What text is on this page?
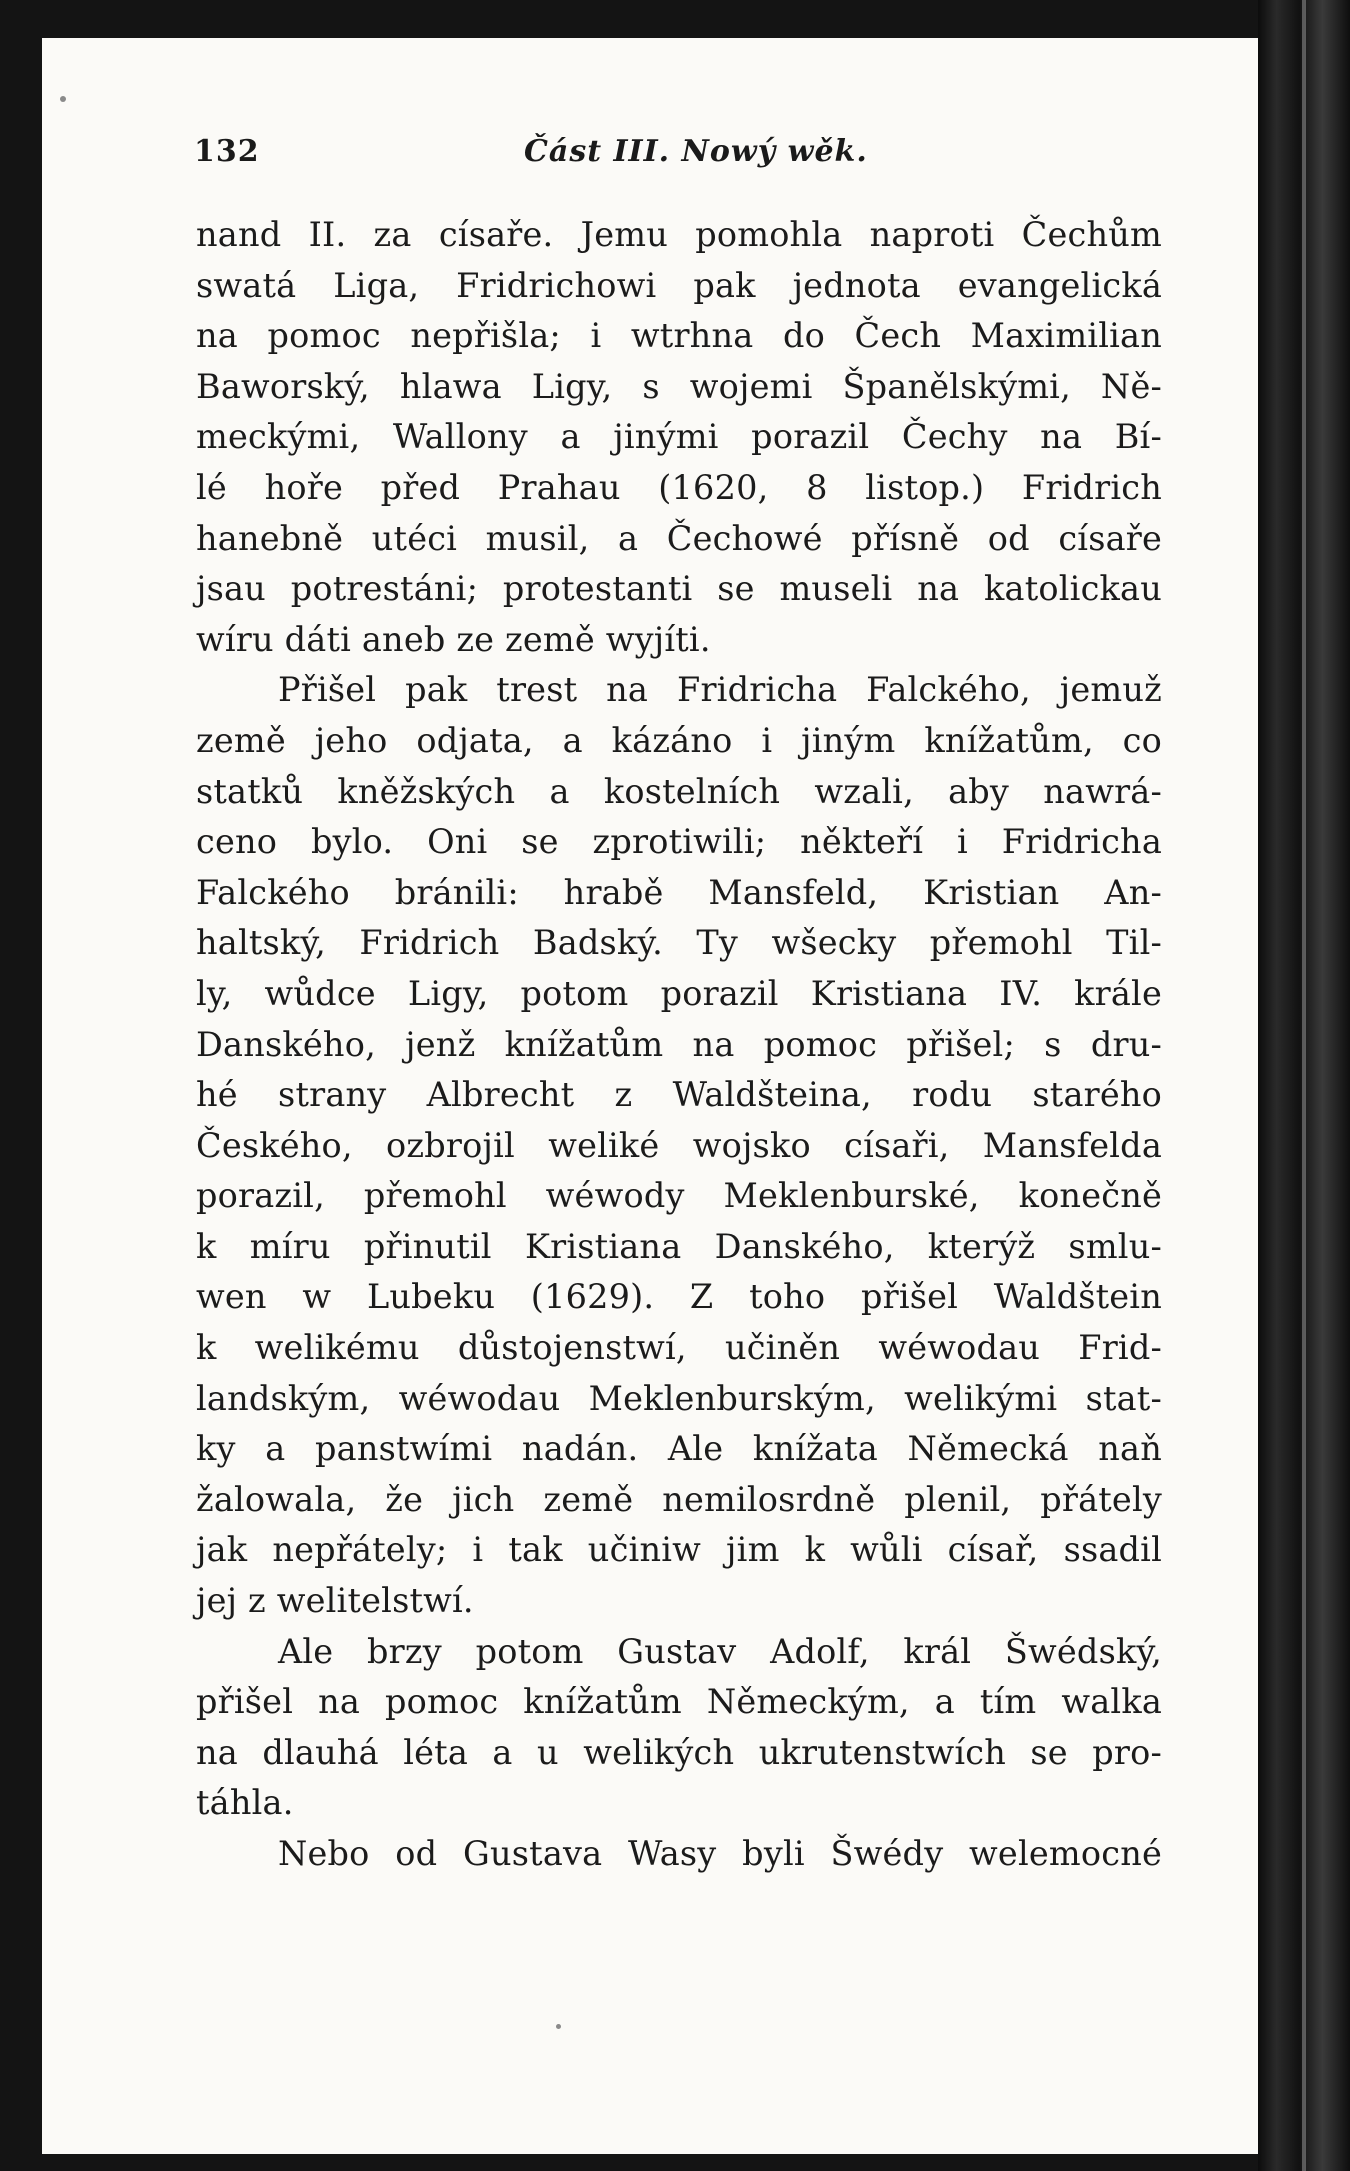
132	Část III. Nowý wěk.
nand II. za císaře. Jemu pomohla naproti Čechům
swatá Liga, Fridrichowi pak jednota evangelická
na pomoc nepřišla; i wtrhna do Čech Maximilian
Baworský, hlawa Ligy, s wojemi Španělskými, Ně-
meckými, Wallony a jinými porazil Čechy na Bí-
lé hoře před Prahau (1620, 8 listop.) Fridrich
hanebně utéci musil, a Čechowé přísně od císaře
jsau potrestáni; protestanti se museli na katolickau
wíru dáti aneb ze země wyjíti.
Přišel pak trest na Fridricha Falckého, jemuž
země jeho odjata, a kázáno i jiným knížatům, co
statků kněžských a kostelních wzali, aby nawrá-
ceno bylo. Oni se zprotiwili; někteří i Fridricha
Falckého bránili: hrabě Mansfeld, Kristian An-
haltský, Fridrich Badský. Ty wšecky přemohl Til-
ly, wůdce Ligy, potom porazil Kristiana IV. krále
Danského, jenž knížatům na pomoc přišel; s dru-
hé strany Albrecht z Waldšteina, rodu starého
Českého, ozbrojil weliké wojsko císaři, Mansfelda
porazil, přemohl wéwody Meklenburské, konečně
k míru přinutil Kristiana Danského, kterýž smlu-
wen w Lubeku (1629). Z toho přišel Waldštein
k welikému důstojenstwí, učiněn wéwodau Frid-
landským, wéwodau Meklenburským, welikými stat-
ky a panstwími nadán. Ale knížata Německá naň
žalowala, že jich země nemilosrdně plenil, přátely
jak nepřátely; i tak učiniw jim k wůli císař, ssadil
jej z welitelstwí.
Ale brzy potom Gustav Adolf, král Šwédský,
přišel na pomoc knížatům Německým, a tím walka
na dlauhá léta a u welikých ukrutenstwích se pro-
táhla.
Nebo od Gustava Wasy byli Šwédy welemocné
